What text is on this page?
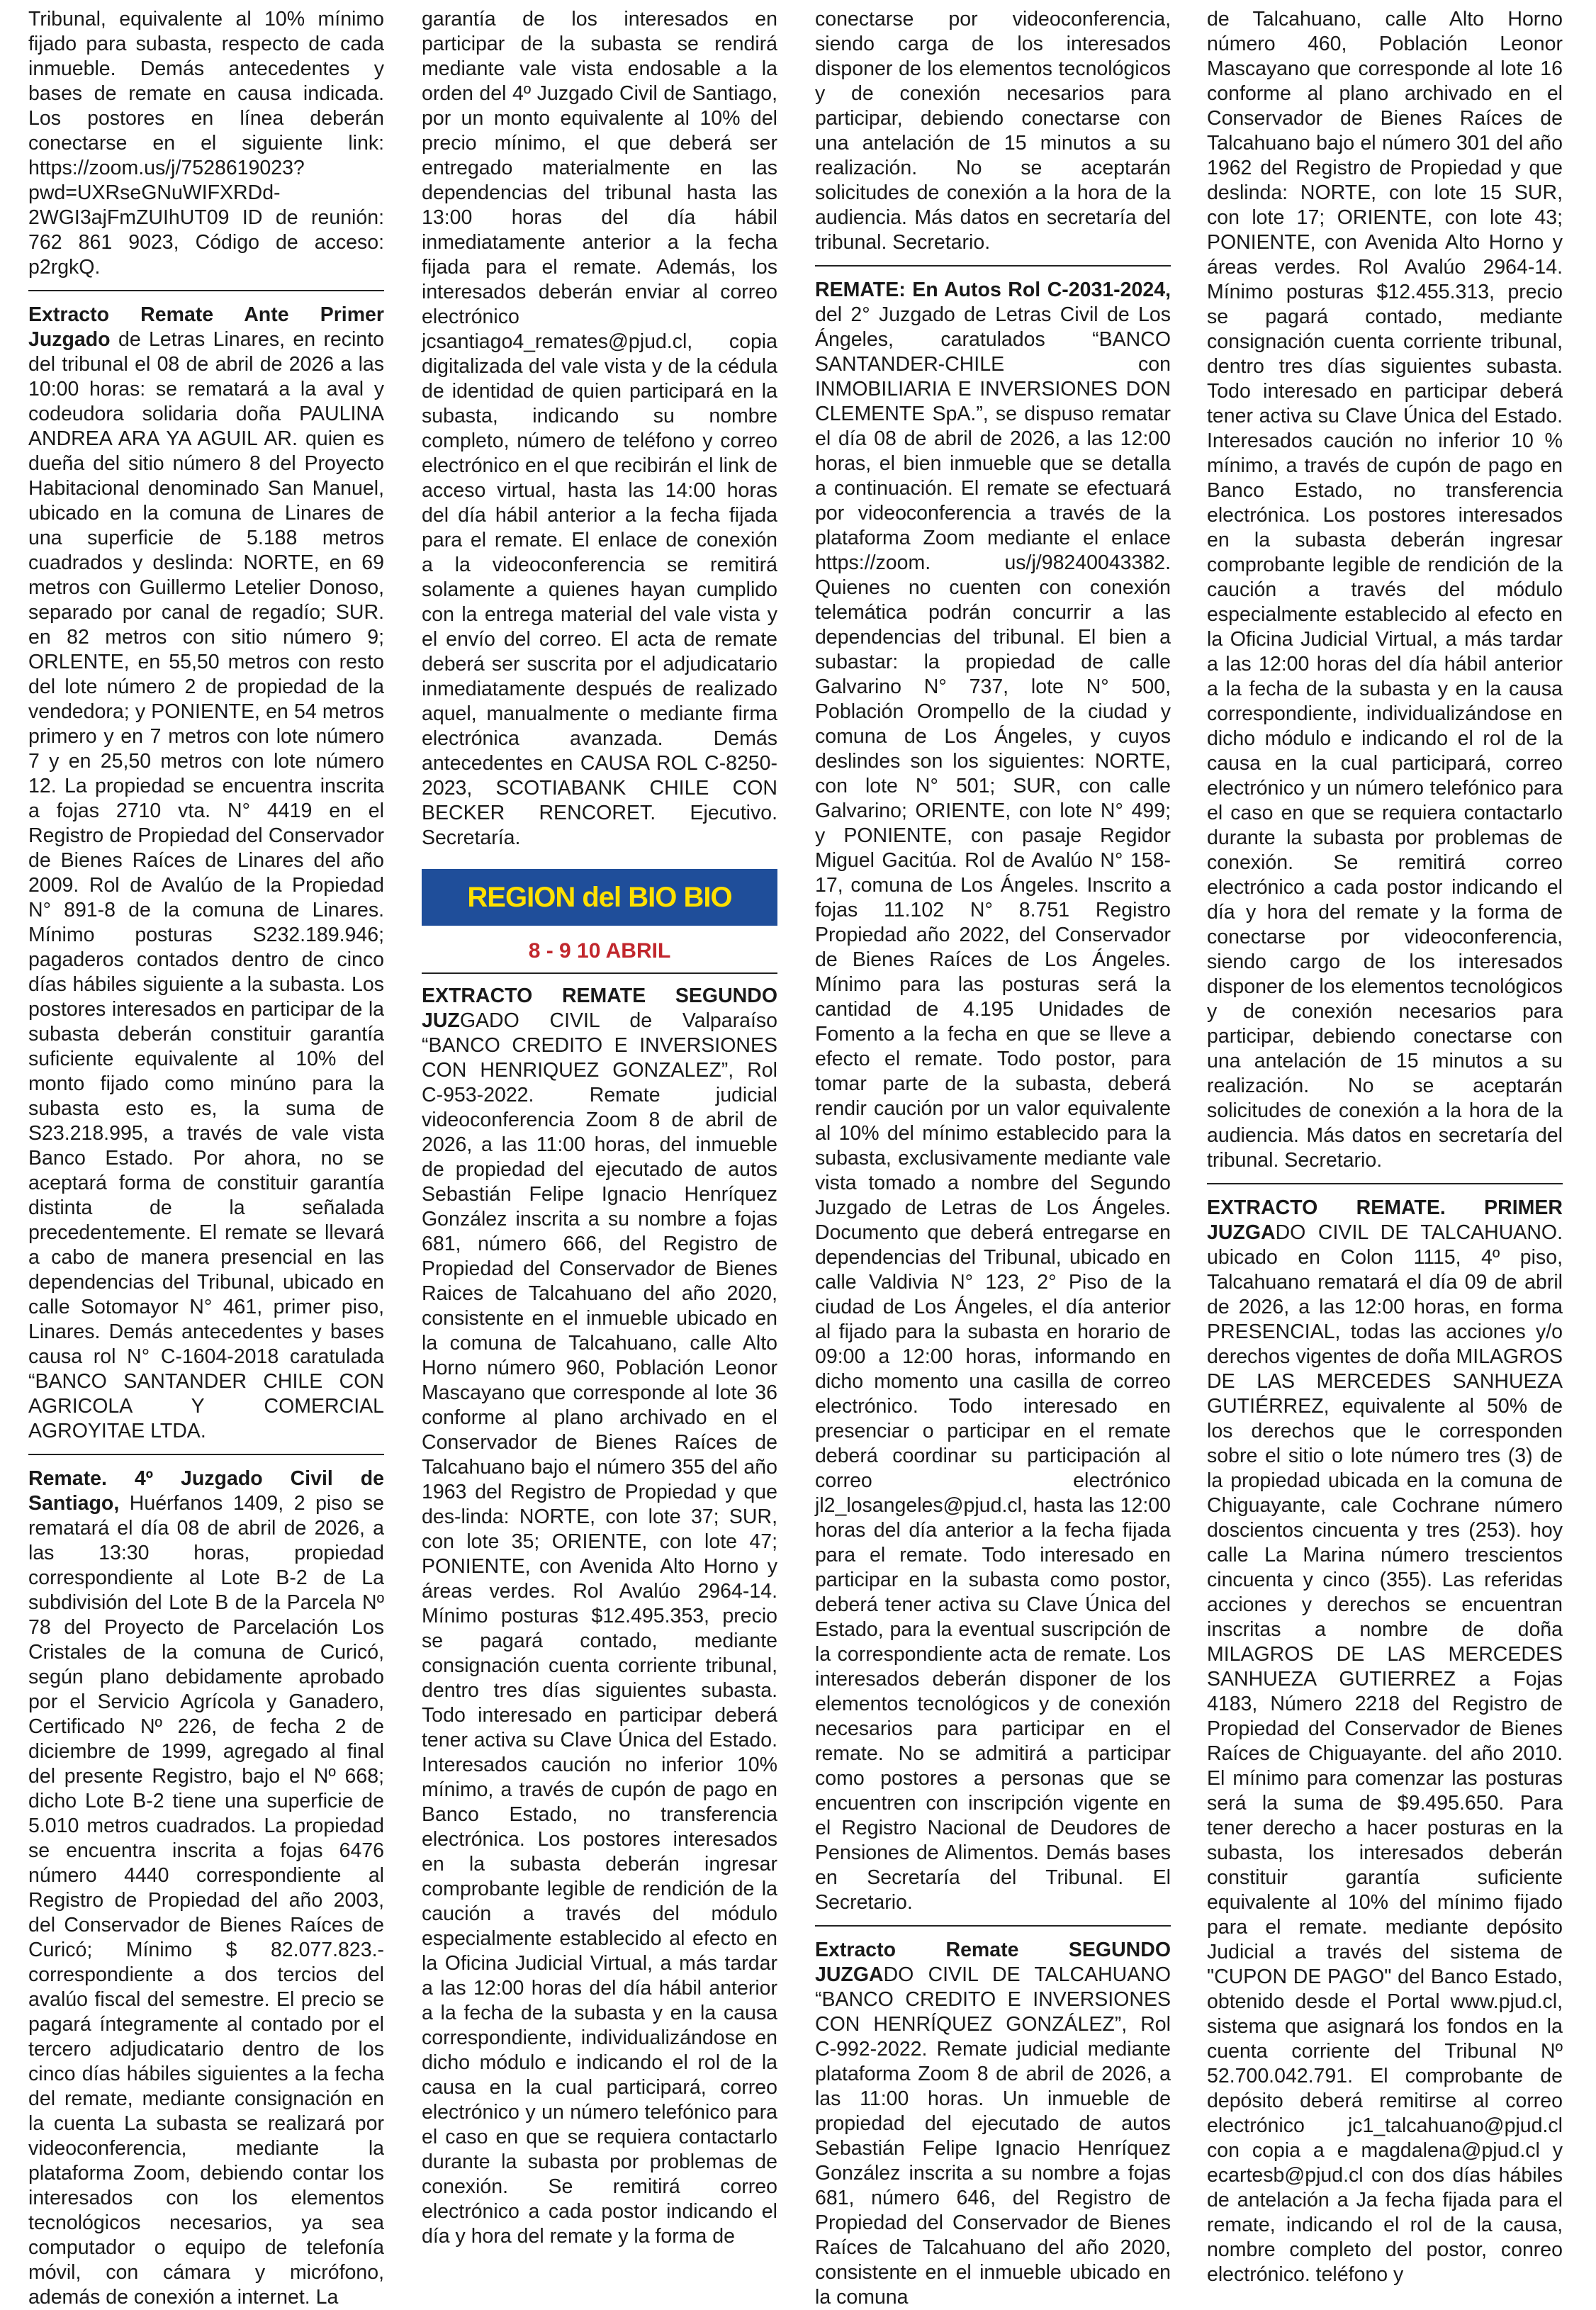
Tribunal, equivalente al 10% mínimo fijado para subasta, respecto de cada inmueble. Demás antecedentes y bases de remate en causa indicada. Los postores en línea deberán conectarse en el siguiente link: https://zoom.us/j/7528619023?pwd=UXRseGNuWIFXRDd-2WGI3ajFmZUIhUT09 ID de reunión: 762 861 9023, Código de acceso: p2rgkQ.

Extracto Remate Ante Primer Juzgado de Letras Linares, en recinto del tribunal el 08 de abril de 2026 a las 10:00 horas: se rematará a la aval y codeudora solidaria doña PAULINA ANDREA ARA YA AGUIL AR. quien es dueña del sitio número 8 del Proyecto Habitacional denominado San Manuel, ubicado en la comuna de Linares de una superficie de 5.188 metros cuadrados y deslinda: NORTE, en 69 metros con Guillermo Letelier Donoso, separado por canal de regadío; SUR. en 82 metros con sitio número 9; ORLENTE, en 55,50 metros con resto del lote número 2 de propiedad de la vendedora; y PONIENTE, en 54 metros primero y en 7 metros con lote número 7 y en 25,50 metros con lote número 12. La propiedad se encuentra inscrita a fojas 2710 vta. N° 4419 en el Registro de Propiedad del Conservador de Bienes Raíces de Linares del año 2009. Rol de Avalúo de la Propiedad N° 891-8 de la comuna de Linares. Mínimo posturas S232.189.946; pagaderos contados dentro de cinco días hábiles siguiente a la subasta. Los postores interesados en participar de la subasta deberán constituir garantía suficiente equivalente al 10% del monto fijado como minúno para la subasta esto es, la suma de S23.218.995, a través de vale vista Banco Estado. Por ahora, no se aceptará forma de constituir garantía distinta de la señalada precedentemente. El remate se llevará a cabo de manera presencial en las dependencias del Tribunal, ubicado en calle Sotomayor N° 461, primer piso, Linares. Demás antecedentes y bases causa rol N° C-1604-2018 caratulada “BANCO SANTANDER CHILE CON AGRICOLA Y COMERCIAL AGROYITAE LTDA.

Remate. 4º Juzgado Civil de Santiago, Huérfanos 1409, 2 piso se rematará el día 08 de abril de 2026, a las 13:30 horas, propiedad correspondiente al Lote B-2 de La subdivisión del Lote B de la Parcela Nº 78 del Proyecto de Parcelación Los Cristales de la comuna de Curicó, según plano debidamente aprobado por el Servicio Agrícola y Ganadero, Certificado Nº 226, de fecha 2 de diciembre de 1999, agregado al final del presente Registro, bajo el Nº 668; dicho Lote B-2 tiene una superficie de 5.010 metros cuadrados. La propiedad se encuentra inscrita a fojas 6476 número 4440 correspondiente al Registro de Propiedad del año 2003, del Conservador de Bienes Raíces de Curicó; Mínimo $ 82.077.823.- correspondiente a dos tercios del avalúo fiscal del semestre. El precio se pagará íntegramente al contado por el tercero adjudicatario dentro de los cinco días hábiles siguientes a la fecha del remate, mediante consignación en la cuenta La subasta se realizará por videoconferencia, mediante la plataforma Zoom, debiendo contar los interesados con los elementos tecnológicos necesarios, ya sea computador o equipo de telefonía móvil, con cámara y micrófono, además de conexión a internet. La

garantía de los interesados en participar de la subasta se rendirá mediante vale vista endosable a la orden del 4º Juzgado Civil de Santiago, por un monto equivalente al 10% del precio mínimo, el que deberá ser entregado materialmente en las dependencias del tribunal hasta las 13:00 horas del día hábil inmediatamente anterior a la fecha fijada para el remate. Además, los interesados deberán enviar al correo electrónico jcsantiago4_remates@pjud.cl, copia digitalizada del vale vista y de la cédula de identidad de quien participará en la subasta, indicando su nombre completo, número de teléfono y correo electrónico en el que recibirán el link de acceso virtual, hasta las 14:00 horas del día hábil anterior a la fecha fijada para el remate. El enlace de conexión a la videoconferencia se remitirá solamente a quienes hayan cumplido con la entrega material del vale vista y el envío del correo. El acta de remate deberá ser suscrita por el adjudicatario inmediatamente después de realizado aquel, manualmente o mediante firma electrónica avanzada. Demás antecedentes en CAUSA ROL C-8250-2023, SCOTIABANK CHILE CON BECKER RENCORET. Ejecutivo. Secretaría.

REGION del BIO BIO
8 - 9 10 ABRIL

EXTRACTO REMATE SEGUNDO JUZGADO CIVIL de Valparaíso “BANCO CREDITO E INVERSIONES CON HENRIQUEZ GONZALEZ”, Rol C-953-2022. Remate judicial videoconferencia Zoom 8 de abril de 2026, a las 11:00 horas, del inmueble de propiedad del ejecutado de autos Sebastián Felipe Ignacio Henríquez González inscrita a su nombre a fojas 681, número 666, del Registro de Propiedad del Conservador de Bienes Raices de Talcahuano del año 2020, consistente en el inmueble ubicado en la comuna de Talcahuano, calle Alto Horno número 960, Población Leonor Mascayano que corresponde al lote 36 conforme al plano archivado en el Conservador de Bienes Raíces de Talcahuano bajo el número 355 del año 1963 del Registro de Propiedad y que des-linda: NORTE, con lote 37; SUR, con lote 35; ORIENTE, con lote 47; PONIENTE, con Avenida Alto Horno y áreas verdes. Rol Avalúo 2964-14. Mínimo posturas $12.495.353, precio se pagará contado, mediante consignación cuenta corriente tribunal, dentro tres días siguientes subasta. Todo interesado en participar deberá tener activa su Clave Única del Estado. Interesados caución no inferior 10% mínimo, a través de cupón de pago en Banco Estado, no transferencia electrónica. Los postores interesados en la subasta deberán ingresar comprobante legible de rendición de la caución a través del módulo especialmente establecido al efecto en la Oficina Judicial Virtual, a más tardar a las 12:00 horas del día hábil anterior a la fecha de la subasta y en la causa correspondiente, individualizándose en dicho módulo e indicando el rol de la causa en la cual participará, correo electrónico y un número telefónico para el caso en que se requiera contactarlo durante la subasta por problemas de conexión. Se remitirá correo electrónico a cada postor indicando el día y hora del remate y la forma de

conectarse por videoconferencia, siendo carga de los interesados disponer de los elementos tecnológicos y de conexión necesarios para participar, debiendo conectarse con una antelación de 15 minutos a su realización. No se aceptarán solicitudes de conexión a la hora de la audiencia. Más datos en secretaría del tribunal. Secretario.

REMATE: En Autos Rol C-2031-2024, del 2° Juzgado de Letras Civil de Los Ángeles, caratulados “BANCO SANTANDER-CHILE con INMOBILIARIA E INVERSIONES DON CLEMENTE SpA.”, se dispuso rematar el día 08 de abril de 2026, a las 12:00 horas, el bien inmueble que se detalla a continuación. El remate se efectuará por videoconferencia a través de la plataforma Zoom mediante el enlace https://zoom. us/j/98240043382. Quienes no cuenten con conexión telemática podrán concurrir a las dependencias del tribunal. El bien a subastar: la propiedad de calle Galvarino N° 737, lote N° 500, Población Orompello de la ciudad y comuna de Los Ángeles, y cuyos deslindes son los siguientes: NORTE, con lote N° 501; SUR, con calle Galvarino; ORIENTE, con lote N° 499; y PONIENTE, con pasaje Regidor Miguel Gacitúa. Rol de Avalúo N° 158-17, comuna de Los Ángeles. Inscrito a fojas 11.102 N° 8.751 Registro Propiedad año 2022, del Conservador de Bienes Raíces de Los Ángeles. Mínimo para las posturas será la cantidad de 4.195 Unidades de Fomento a la fecha en que se lleve a efecto el remate. Todo postor, para tomar parte de la subasta, deberá rendir caución por un valor equivalente al 10% del mínimo establecido para la subasta, exclusivamente mediante vale vista tomado a nombre del Segundo Juzgado de Letras de Los Ángeles. Documento que deberá entregarse en dependencias del Tribunal, ubicado en calle Valdivia N° 123, 2° Piso de la ciudad de Los Ángeles, el día anterior al fijado para la subasta en horario de 09:00 a 12:00 horas, informando en dicho momento una casilla de correo electrónico. Todo interesado en presenciar o participar en el remate deberá coordinar su participación al correo electrónico jl2_losangeles@pjud.cl, hasta las 12:00 horas del día anterior a la fecha fijada para el remate. Todo interesado en participar en la subasta como postor, deberá tener activa su Clave Única del Estado, para la eventual suscripción de la correspondiente acta de remate. Los interesados deberán disponer de los elementos tecnológicos y de conexión necesarios para participar en el remate. No se admitirá a participar como postores a personas que se encuentren con inscripción vigente en el Registro Nacional de Deudores de Pensiones de Alimentos. Demás bases en Secretaría del Tribunal. El Secretario.

Extracto Remate SEGUNDO JUZGADO CIVIL DE TALCAHUANO “BANCO CREDITO E INVERSIONES CON HENRÍQUEZ GONZÁLEZ”, Rol C-992-2022. Remate judicial mediante plataforma Zoom 8 de abril de 2026, a las 11:00 horas. Un inmueble de propiedad del ejecutado de autos Sebastián Felipe Ignacio Henríquez González inscrita a su nombre a fojas 681, número 646, del Registro de Propiedad del Conservador de Bienes Raíces de Talcahuano del año 2020, consistente en el inmueble ubicado en la comuna

de Talcahuano, calle Alto Horno número 460, Población Leonor Mascayano que corresponde al lote 16 conforme al plano archivado en el Conservador de Bienes Raíces de Talcahuano bajo el número 301 del año 1962 del Registro de Propiedad y que deslinda: NORTE, con lote 15 SUR, con lote 17; ORIENTE, con lote 43; PONIENTE, con Avenida Alto Horno y áreas verdes. Rol Avalúo 2964-14. Mínimo posturas $12.455.313, precio se pagará contado, mediante consignación cuenta corriente tribunal, dentro tres días siguientes subasta. Todo interesado en participar deberá tener activa su Clave Única del Estado. Interesados caución no inferior 10 % mínimo, a través de cupón de pago en Banco Estado, no transferencia electrónica. Los postores interesados en la subasta deberán ingresar comprobante legible de rendición de la caución a través del módulo especialmente establecido al efecto en la Oficina Judicial Virtual, a más tardar a las 12:00 horas del día hábil anterior a la fecha de la subasta y en la causa correspondiente, individualizándose en dicho módulo e indicando el rol de la causa en la cual participará, correo electrónico y un número telefónico para el caso en que se requiera contactarlo durante la subasta por problemas de conexión. Se remitirá correo electrónico a cada postor indicando el día y hora del remate y la forma de conectarse por videoconferencia, siendo cargo de los interesados disponer de los elementos tecnológicos y de conexión necesarios para participar, debiendo conectarse con una antelación de 15 minutos a su realización. No se aceptarán solicitudes de conexión a la hora de la audiencia. Más datos en secretaría del tribunal. Secretario.

EXTRACTO REMATE. PRIMER JUZGADO CIVIL DE TALCAHUANO. ubicado en Colon 1115, 4º piso, Talcahuano rematará el día 09 de abril de 2026, a las 12:00 horas, en forma PRESENCIAL, todas las acciones y/o derechos vigentes de doña MILAGROS DE LAS MERCEDES SANHUEZA GUTIÉRREZ, equivalente al 50% de los derechos que le corresponden sobre el sitio o lote número tres (3) de la propiedad ubicada en la comuna de Chiguayante, cale Cochrane número doscientos cincuenta y tres (253). hoy calle La Marina número trescientos cincuenta y cinco (355). Las referidas acciones y derechos se encuentran inscritas a nombre de doña MILAGROS DE LAS MERCEDES SANHUEZA GUTIERREZ a Fojas 4183, Número 2218 del Registro de Propiedad del Conservador de Bienes Raíces de Chiguayante. del año 2010. El mínimo para comenzar las posturas será la suma de $9.495.650. Para tener derecho a hacer posturas en la subasta, los interesados deberán constituir garantía suficiente equivalente al 10% del mínimo fijado para el remate. mediante depósito Judicial a través del sistema de "CUPON DE PAGO" del Banco Estado, obtenido desde el Portal www.pjud.cl, sistema que asignará los fondos en la cuenta corriente del Tribunal Nº 52.700.042.791. El comprobante de depósito deberá remitirse al correo electrónico jc1_talcahuano@pjud.cl con copia a e magdalena@pjud.cl y ecartesb@pjud.cl con dos días hábiles de antelación a Ja fecha fijada para el remate, indicando el rol de la causa, nombre completo del postor, conreo electrónico. teléfono y
